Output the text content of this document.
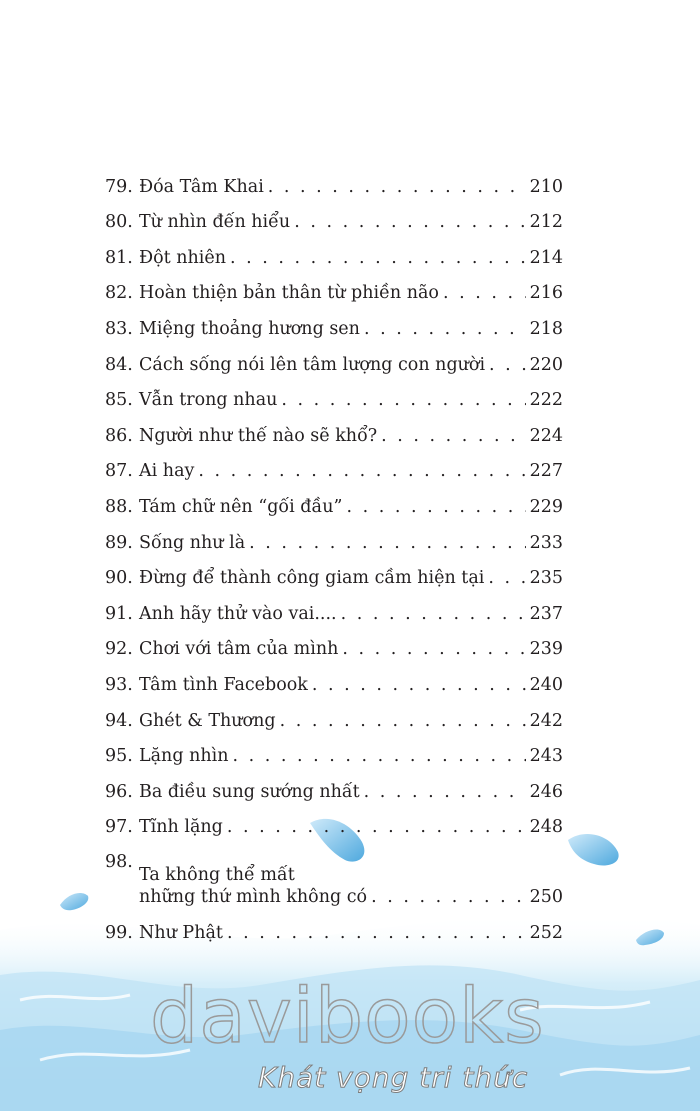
79. Đóa Tâm Khai . . .	210
80. Từ nhìn đến hiểu . . .	212
81. Đột nhiên . . .	214
82. Hoàn thiện bản thân từ phiền não . . .	216
83. Miệng thoảng hương sen . . .	218
84. Cách sống nói lên tâm lượng con người . . .	220
85. Vẫn trong nhau . . .	222
86. Người như thế nào sẽ khổ? . . .	224
87. Ai hay . . .	227
88. Tám chữ nên “gối đầu” . . .	229
89. Sống như là . . .	233
90. Đừng để thành công giam cầm hiện tại . . .	235
91. Anh hãy thử vào vai.... . . .	237
92. Chơi với tâm của mình . . .	239
93. Tâm tình Facebook . . .	240
94. Ghét & Thương . . .	242
95. Lặng nhìn . . .	243
96. Ba điều sung sướng nhất . . .	246
97. Tĩnh lặng . . .	248
98.
Ta không thể mất
những thứ mình không có . . .	250
99. Như Phật . . .	252
davibooks
Khát vọng tri thức
